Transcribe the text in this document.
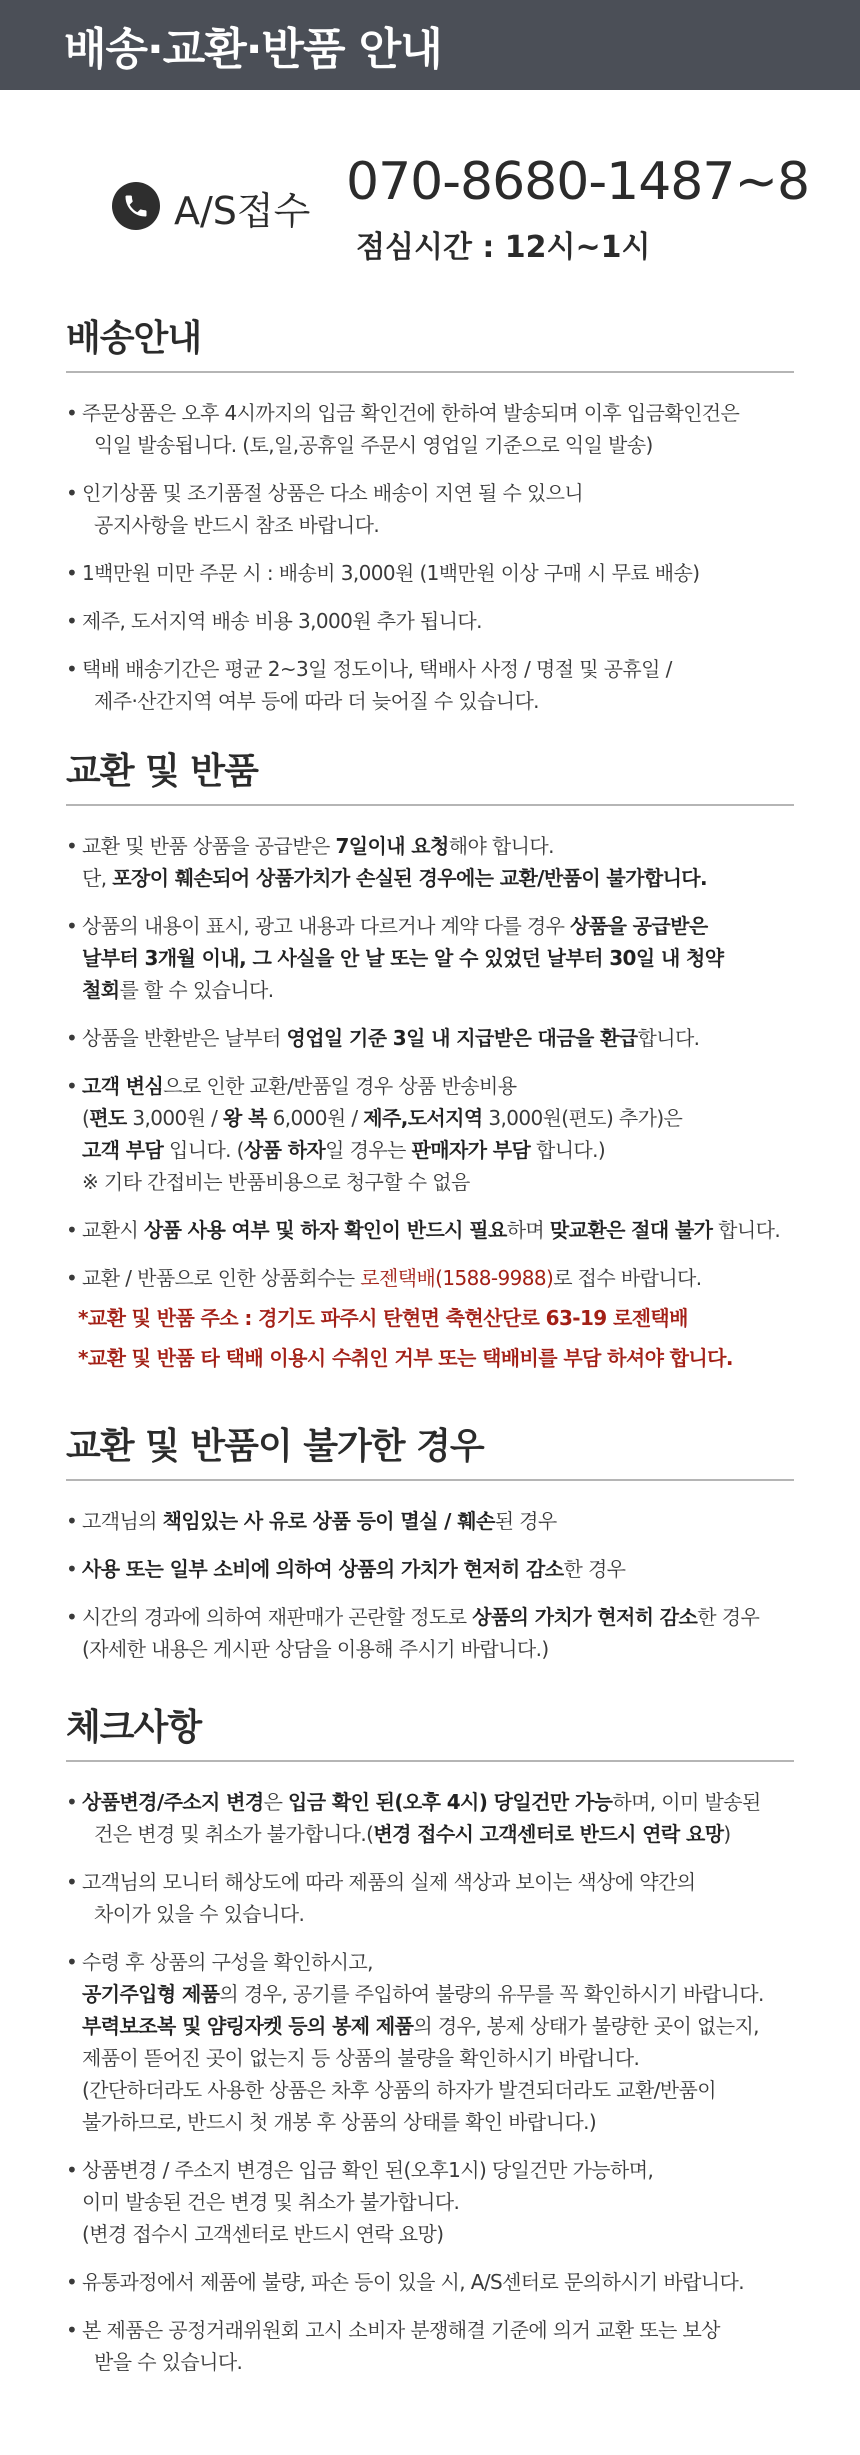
배송·교환·반품 안내
A/S접수 070-8680-1487~8
점심시간 : 12시~1시
배송안내
• 주문상품은 오후 4시까지의 입금 확인건에 한하여 발송되며 이후 입금확인건은
익일 발송됩니다. (토,일,공휴일 주문시 영업일 기준으로 익일 발송)
• 인기상품 및 조기품절 상품은 다소 배송이 지연 될 수 있으니
공지사항을 반드시 참조 바랍니다.
• 1백만원 미만 주문 시 : 배송비 3,000원 (1백만원 이상 구매 시 무료 배송)
• 제주, 도서지역 배송 비용 3,000원 추가 됩니다.
• 택배 배송기간은 평균 2~3일 정도이나, 택배사 사정 / 명절 및 공휴일 /
제주·산간지역 여부 등에 따라 더 늦어질 수 있습니다.
교환 및 반품
• 교환 및 반품 상품을 공급받은 7일이내 요청해야 합니다.
단, 포장이 훼손되어 상품가치가 손실된 경우에는 교환/반품이 불가합니다.
• 상품의 내용이 표시, 광고 내용과 다르거나 계약 다를 경우 상품을 공급받은
날부터 3개월 이내, 그 사실을 안 날 또는 알 수 있었던 날부터 30일 내 청약
철회를 할 수 있습니다.
• 상품을 반환받은 날부터 영업일 기준 3일 내 지급받은 대금을 환급합니다.
• 고객 변심으로 인한 교환/반품일 경우 상품 반송비용
(편도 3,000원 / 왕 복 6,000원 / 제주,도서지역 3,000원(편도) 추가)은
고객 부담 입니다. (상품 하자일 경우는 판매자가 부담 합니다.)
※ 기타 간접비는 반품비용으로 청구할 수 없음
• 교환시 상품 사용 여부 및 하자 확인이 반드시 필요하며 맞교환은 절대 불가 합니다.
• 교환 / 반품으로 인한 상품회수는 로젠택배(1588-9988)로 접수 바랍니다.
*교환 및 반품 주소 : 경기도 파주시 탄현면 축현산단로 63-19 로젠택배
*교환 및 반품 타 택배 이용시 수취인 거부 또는 택배비를 부담 하셔야 합니다.
교환 및 반품이 불가한 경우
• 고객님의 책임있는 사 유로 상품 등이 멸실 / 훼손된 경우
• 사용 또는 일부 소비에 의하여 상품의 가치가 현저히 감소한 경우
• 시간의 경과에 의하여 재판매가 곤란할 정도로 상품의 가치가 현저히 감소한 경우
(자세한 내용은 게시판 상담을 이용해 주시기 바랍니다.)
체크사항
• 상품변경/주소지 변경은 입금 확인 된(오후 4시) 당일건만 가능하며, 이미 발송된
건은 변경 및 취소가 불가합니다.(변경 접수시 고객센터로 반드시 연락 요망)
• 고객님의 모니터 해상도에 따라 제품의 실제 색상과 보이는 색상에 약간의
차이가 있을 수 있습니다.
• 수령 후 상품의 구성을 확인하시고,
공기주입형 제품의 경우, 공기를 주입하여 불량의 유무를 꼭 확인하시기 바랍니다.
부력보조복 및 얌링자켓 등의 봉제 제품의 경우, 봉제 상태가 불량한 곳이 없는지,
제품이 뜯어진 곳이 없는지 등 상품의 불량을 확인하시기 바랍니다.
(간단하더라도 사용한 상품은 차후 상품의 하자가 발견되더라도 교환/반품이
불가하므로, 반드시 첫 개봉 후 상품의 상태를 확인 바랍니다.)
• 상품변경 / 주소지 변경은 입금 확인 된(오후1시) 당일건만 가능하며,
이미 발송된 건은 변경 및 취소가 불가합니다.
(변경 접수시 고객센터로 반드시 연락 요망)
• 유통과정에서 제품에 불량, 파손 등이 있을 시, A/S센터로 문의하시기 바랍니다.
• 본 제품은 공정거래위원회 고시 소비자 분쟁해결 기준에 의거 교환 또는 보상
받을 수 있습니다.
